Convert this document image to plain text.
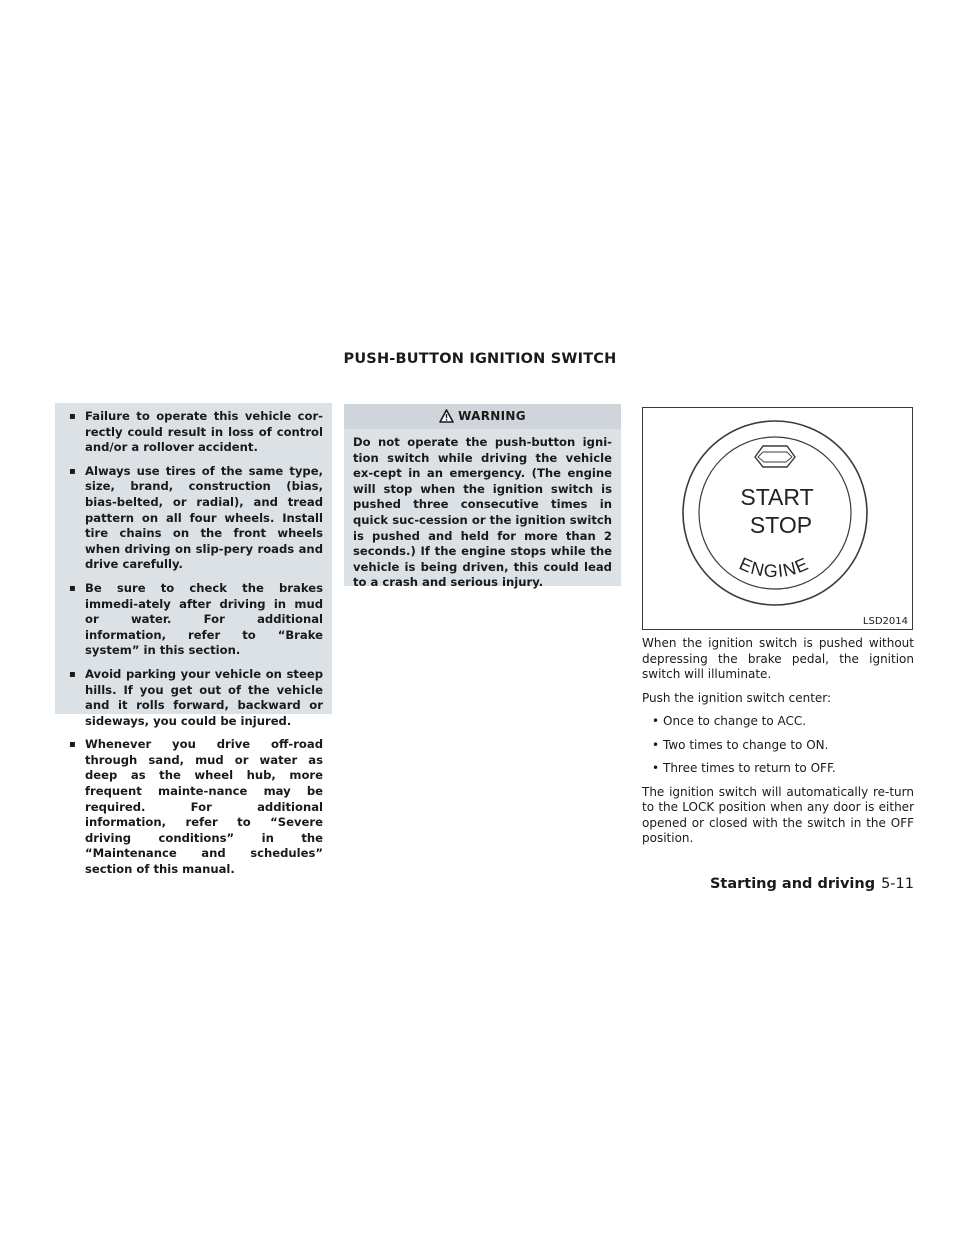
PUSH-BUTTON IGNITION SWITCH
▪ Failure to operate this vehicle cor-rectly could result in loss of control and/or a rollover accident.
▪ Always use tires of the same type, size, brand, construction (bias, bias-belted, or radial), and tread pattern on all four wheels. Install tire chains on the front wheels when driving on slip-pery roads and drive carefully.
▪ Be sure to check the brakes immedi-ately after driving in mud or water. For additional information, refer to “Brake system” in this section.
▪ Avoid parking your vehicle on steep hills. If you get out of the vehicle and it rolls forward, backward or sideways, you could be injured.
▪ Whenever you drive off-road through sand, mud or water as deep as the wheel hub, more frequent mainte-nance may be required. For additional information, refer to “Severe driving conditions” in the “Maintenance and schedules” section of this manual.
WARNING
Do not operate the push-button igni-tion switch while driving the vehicle ex-cept in an emergency. (The engine will stop when the ignition switch is pushed three consecutive times in quick suc-cession or the ignition switch is pushed and held for more than 2 seconds.) If the engine stops while the vehicle is being driven, this could lead to a crash and serious injury.
START
STOP
ENGINE
LSD2014

When the ignition switch is pushed without depressing the brake pedal, the ignition switch will illuminate.

Push the ignition switch center:

• Once to change to ACC.
• Two times to change to ON.
• Three times to return to OFF.

The ignition switch will automatically re-turn to the LOCK position when any door is either opened or closed with the switch in the OFF position.

Starting and driving 5-11
